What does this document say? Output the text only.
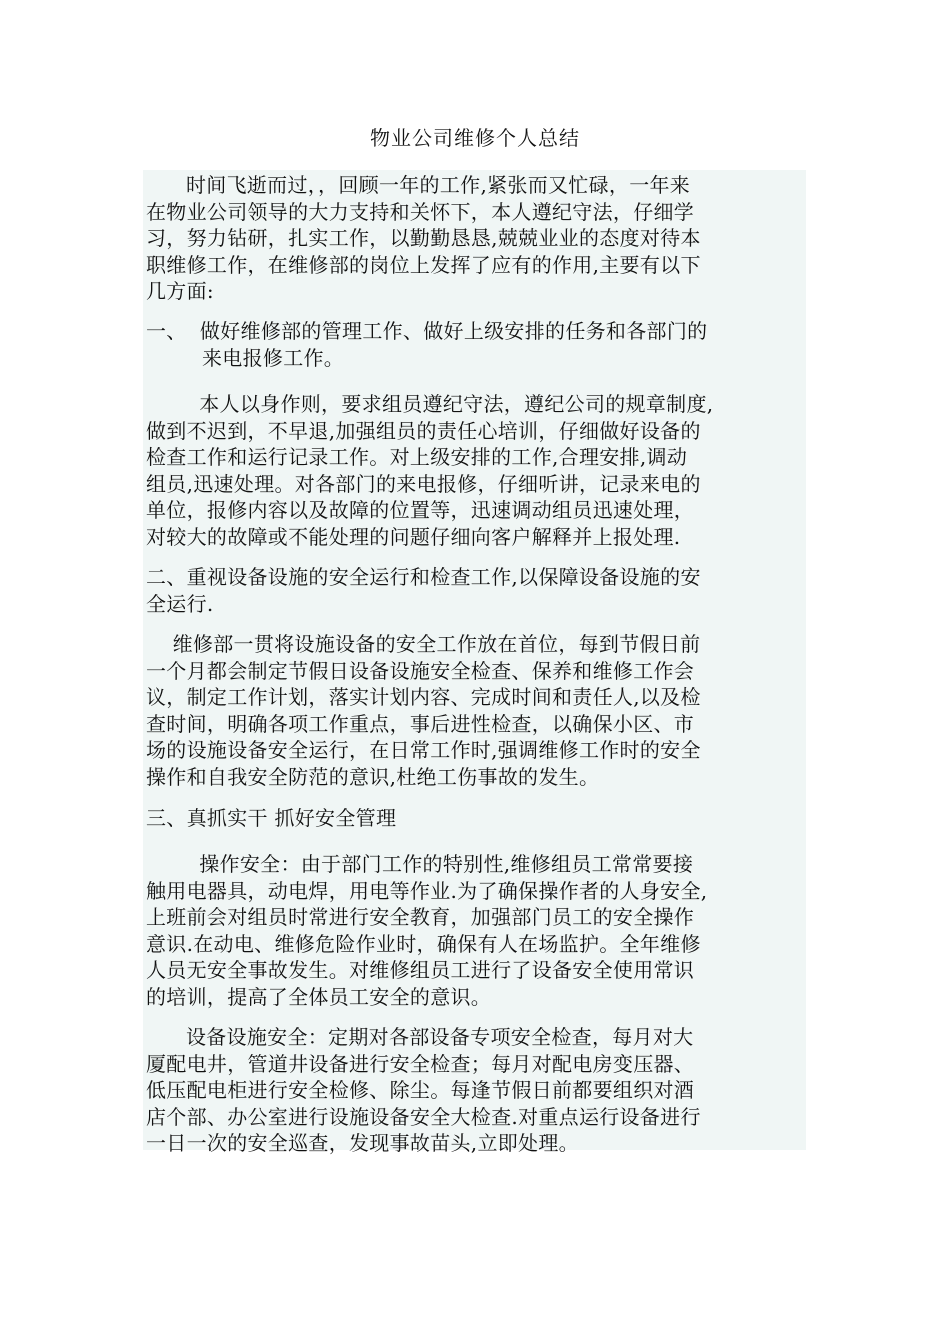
物业公司维修个人总结
时间飞逝而过，，回顾一年的工作,紧张而又忙碌，一年来
在物业公司领导的大力支持和关怀下，本人遵纪守法，仔细学
习，努力钻研，扎实工作，以勤勤恳恳,兢兢业业的态度对待本
职维修工作，在维修部的岗位上发挥了应有的作用,主要有以下
几方面:
一、  做好维修部的管理工作、做好上级安排的任务和各部门的
来电报修工作。
本人以身作则，要求组员遵纪守法，遵纪公司的规章制度,
做到不迟到，不早退,加强组员的责任心培训，仔细做好设备的
检查工作和运行记录工作。对上级安排的工作,合理安排,调动
组员,迅速处理。对各部门的来电报修，仔细听讲，记录来电的
单位，报修内容以及故障的位置等，迅速调动组员迅速处理，
对较大的故障或不能处理的问题仔细向客户解释并上报处理.
二、重视设备设施的安全运行和检查工作,以保障设备设施的安
全运行.
维修部一贯将设施设备的安全工作放在首位，每到节假日前
一个月都会制定节假日设备设施安全检查、保养和维修工作会
议，制定工作计划，落实计划内容、完成时间和责任人,以及检
查时间，明确各项工作重点，事后进性检查，以确保小区、市
场的设施设备安全运行，在日常工作时,强调维修工作时的安全
操作和自我安全防范的意识,杜绝工伤事故的发生。
三、真抓实干 抓好安全管理
操作安全：由于部门工作的特别性,维修组员工常常要接
触用电器具，动电焊，用电等作业.为了确保操作者的人身安全,
上班前会对组员时常进行安全教育，加强部门员工的安全操作
意识.在动电、维修危险作业时，确保有人在场监护。全年维修
人员无安全事故发生。对维修组员工进行了设备安全使用常识
的培训，提高了全体员工安全的意识。
设备设施安全：定期对各部设备专项安全检查，每月对大
厦配电井，管道井设备进行安全检查；每月对配电房变压器、
低压配电柜进行安全检修、除尘。每逢节假日前都要组织对酒
店个部、办公室进行设施设备安全大检查.对重点运行设备进行
一日一次的安全巡查，发现事故苗头,立即处理。
